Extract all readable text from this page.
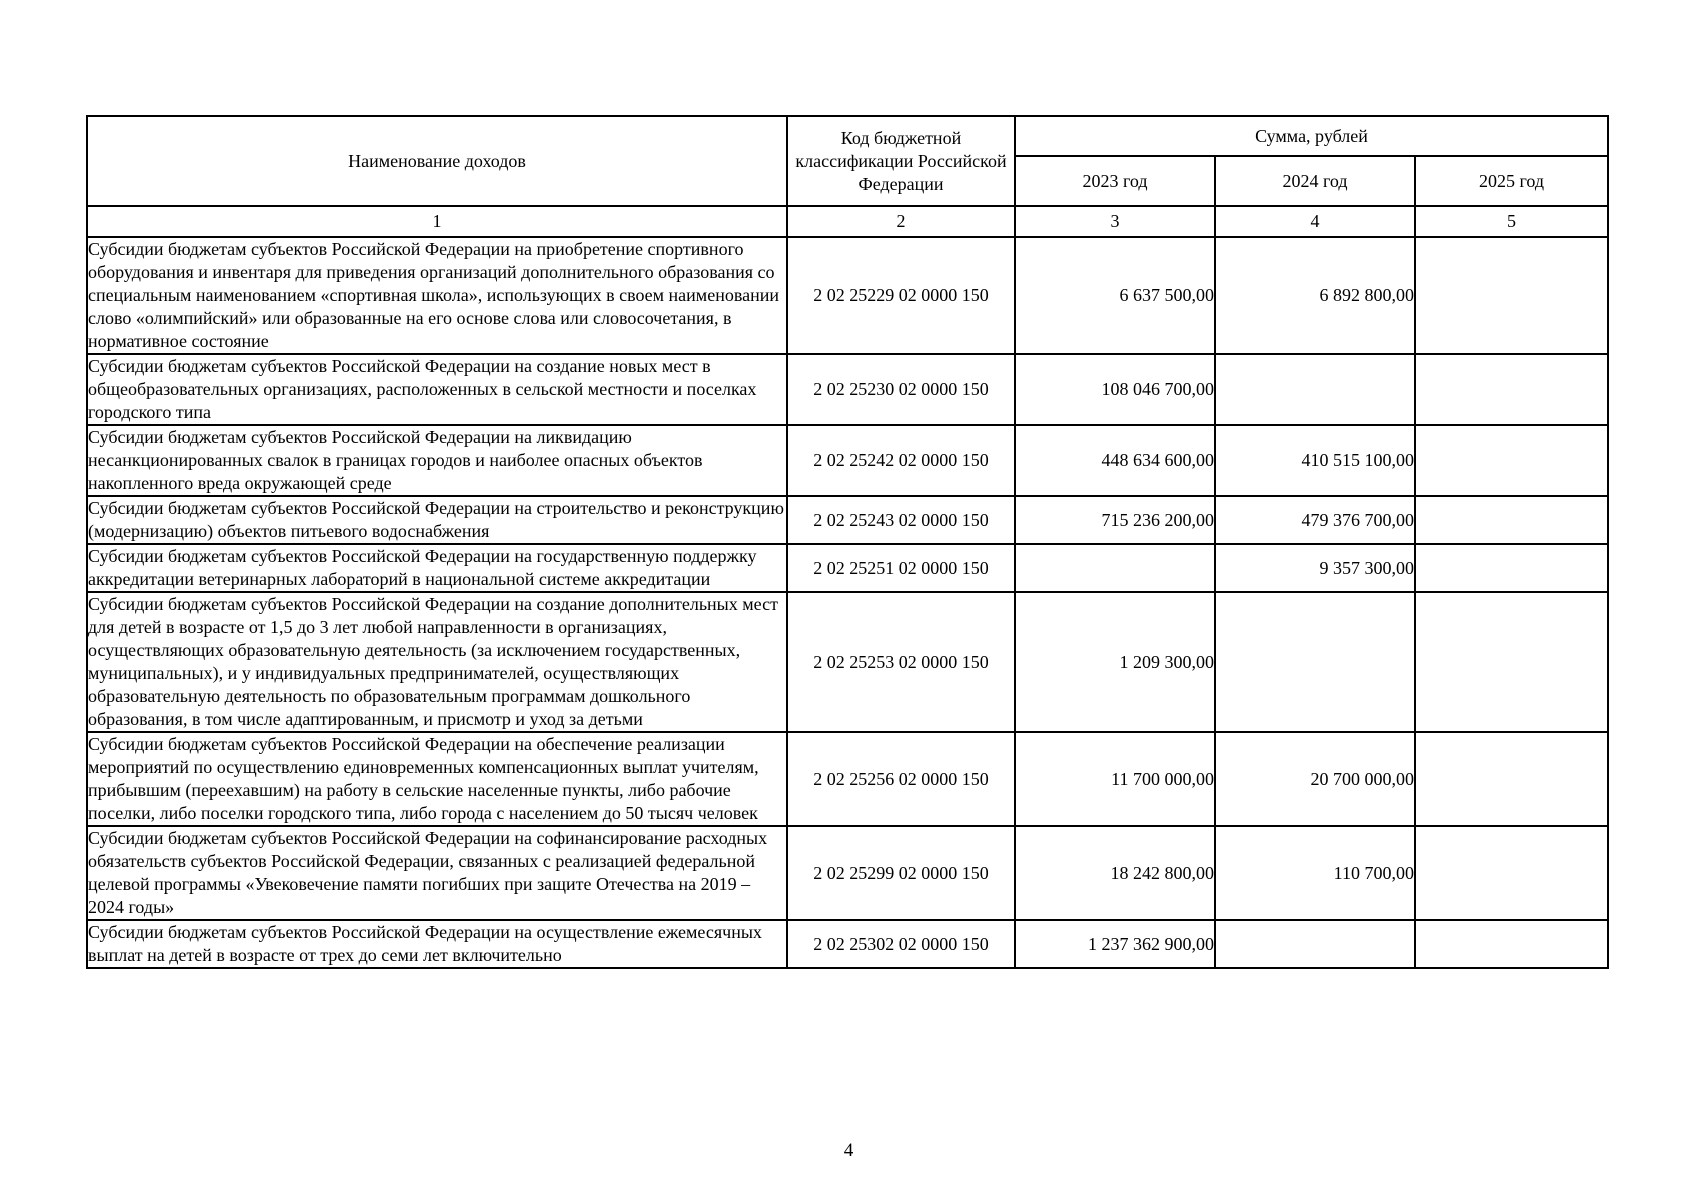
Наименование доходов	Код бюджетной классификации Российской Федерации	Сумма, рублей		
		2023 год	2024 год	2025 год
1	2	3	4	5
Субсидии бюджетам субъектов Российской Федерации на приобретение спортивного оборудования и инвентаря для приведения организаций дополнительного образования со специальным наименованием «спортивная школа», использующих в своем наименовании слово «олимпийский» или образованные на его основе слова или словосочетания, в нормативное состояние	2 02 25229 02 0000 150	6 637 500,00	6 892 800,00	
Субсидии бюджетам субъектов Российской Федерации на создание новых мест в общеобразовательных организациях, расположенных в сельской местности и поселках городского типа	2 02 25230 02 0000 150	108 046 700,00		
Субсидии бюджетам субъектов Российской Федерации на ликвидацию несанкционированных свалок в границах городов и наиболее опасных объектов накопленного вреда окружающей среде	2 02 25242 02 0000 150	448 634 600,00	410 515 100,00	
Субсидии бюджетам субъектов Российской Федерации на строительство и реконструкцию (модернизацию) объектов питьевого водоснабжения	2 02 25243 02 0000 150	715 236 200,00	479 376 700,00	
Субсидии бюджетам субъектов Российской Федерации на государственную поддержку аккредитации ветеринарных лабораторий в национальной системе аккредитации	2 02 25251 02 0000 150		9 357 300,00	
Субсидии бюджетам субъектов Российской Федерации на создание дополнительных мест для детей в возрасте от 1,5 до 3 лет любой направленности в организациях, осуществляющих образовательную деятельность (за исключением государственных, муниципальных), и у индивидуальных предпринимателей, осуществляющих образовательную деятельность по образовательным программам дошкольного образования, в том числе адаптированным, и присмотр и уход за детьми	2 02 25253 02 0000 150	1 209 300,00		
Субсидии бюджетам субъектов Российской Федерации на обеспечение реализации мероприятий по осуществлению единовременных компенсационных выплат учителям, прибывшим (переехавшим) на работу в сельские населенные пункты, либо рабочие поселки, либо поселки городского типа, либо города с населением до 50 тысяч человек	2 02 25256 02 0000 150	11 700 000,00	20 700 000,00	
Субсидии бюджетам субъектов Российской Федерации на софинансирование расходных обязательств субъектов Российской Федерации, связанных с реализацией федеральной целевой программы «Увековечение памяти погибших при защите Отечества на 2019 – 2024 годы»	2 02 25299 02 0000 150	18 242 800,00	110 700,00	
Субсидии бюджетам субъектов Российской Федерации на осуществление ежемесячных выплат на детей в возрасте от трех до семи лет включительно	2 02 25302 02 0000 150	1 237 362 900,00		
4
